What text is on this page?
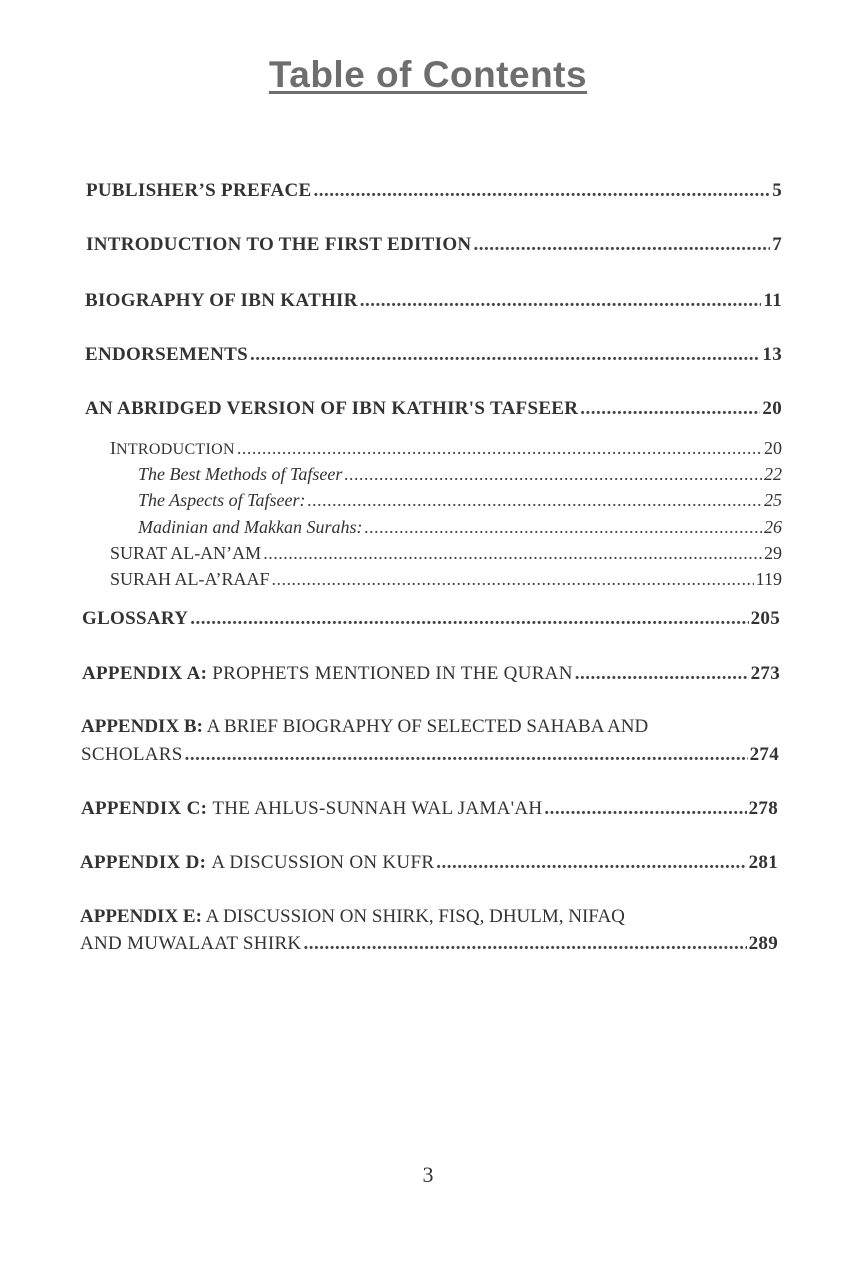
Table of Contents
PUBLISHER’S PREFACE .....	5
INTRODUCTION TO THE FIRST EDITION .....	7
BIOGRAPHY OF IBN KATHIR .....	11
ENDORSEMENTS .....	13
AN ABRIDGED VERSION OF IBN KATHIR'S TAFSEER .....	20
INTRODUCTION .....	20
The Best Methods of Tafseer .....	22
The Aspects of Tafseer: .....	25
Madinian and Makkan Surahs: .....	26
SURAT AL-AN’AM .....	29
SURAH AL-A’RAAF .....	119
GLOSSARY .....	205
APPENDIX A: PROPHETS MENTIONED IN THE QURAN .....	273
APPENDIX B: A BRIEF BIOGRAPHY OF SELECTED SAHABA AND
SCHOLARS .....	274
APPENDIX C: THE AHLUS-SUNNAH WAL JAMA'AH .....	278
APPENDIX D: A DISCUSSION ON KUFR .....	281
APPENDIX E: A DISCUSSION ON SHIRK, FISQ, DHULM, NIFAQ
AND MUWALAAT SHIRK .....	289
3
